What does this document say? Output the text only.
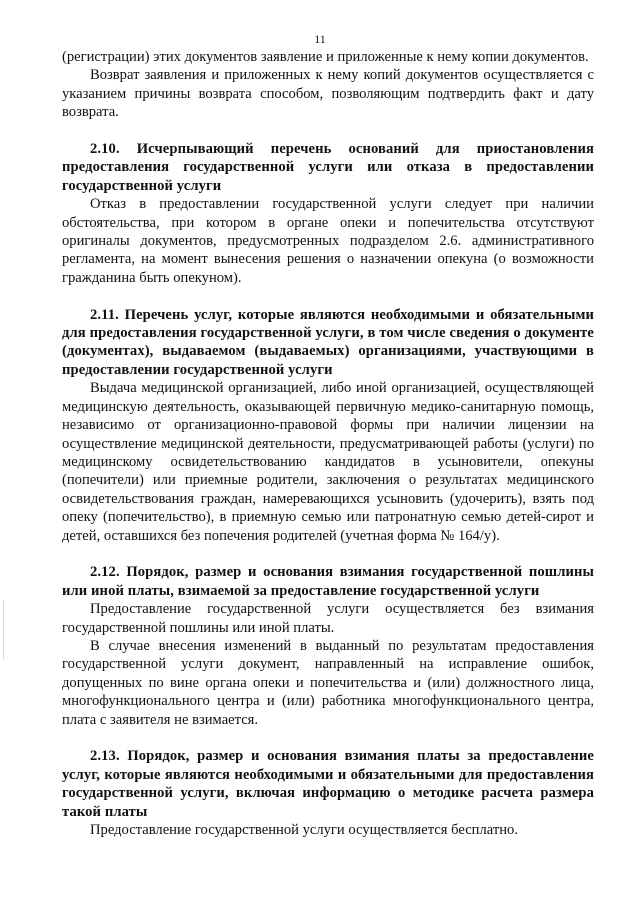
11

(регистрации) этих документов заявление и приложенные к нему копии документов.

Возврат заявления и приложенных к нему копий документов осуществляется с указанием причины возврата способом, позволяющим подтвердить факт и дату возврата.

2.10. Исчерпывающий перечень оснований для приостановления предоставления государственной услуги или отказа в предоставлении государственной услуги

Отказ в предоставлении государственной услуги следует при наличии обстоятельства, при котором в органе опеки и попечительства отсутствуют оригиналы документов, предусмотренных подразделом 2.6. административного регламента, на момент вынесения решения о назначении опекуна (о возможности гражданина быть опекуном).

2.11. Перечень услуг, которые являются необходимыми и обязательными для предоставления государственной услуги, в том числе сведения о документе (документах), выдаваемом (выдаваемых) организациями, участвующими в предоставлении государственной услуги

Выдача медицинской организацией, либо иной организацией, осуществляющей медицинскую деятельность, оказывающей первичную медико-санитарную помощь, независимо от организационно-правовой формы при наличии лицензии на осуществление медицинской деятельности, предусматривающей работы (услуги) по медицинскому освидетельствованию кандидатов в усыновители, опекуны (попечители) или приемные родители, заключения о результатах медицинского освидетельствования граждан, намеревающихся усыновить (удочерить), взять под опеку (попечительство), в приемную семью или патронатную семью детей-сирот и детей, оставшихся без попечения родителей (учетная форма № 164/у).

2.12. Порядок, размер и основания взимания государственной пошлины или иной платы, взимаемой за предоставление государственной услуги

Предоставление государственной услуги осуществляется без взимания государственной пошлины или иной платы.

В случае внесения изменений в выданный по результатам предоставления государственной услуги документ, направленный на исправление ошибок, допущенных по вине органа опеки и попечительства и (или) должностного лица, многофункционального центра и (или) работника многофункционального центра, плата с заявителя не взимается.

2.13. Порядок, размер и основания взимания платы за предоставление услуг, которые являются необходимыми и обязательными для предоставления государственной услуги, включая информацию о методике расчета размера такой платы

Предоставление государственной услуги осуществляется бесплатно.
